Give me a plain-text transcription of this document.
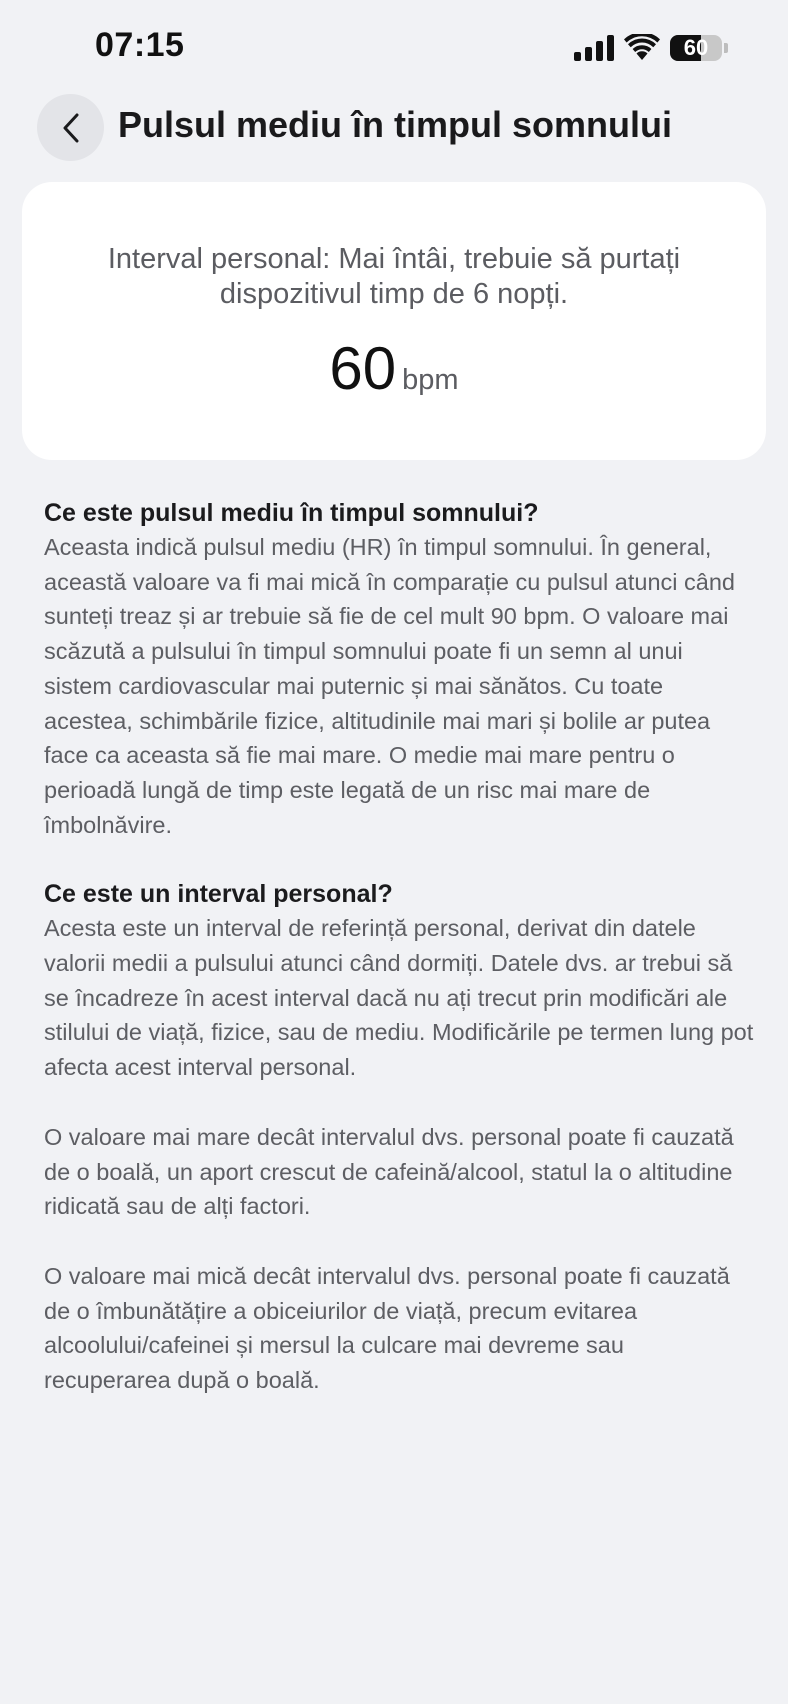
07:15	60
Pulsul mediu în timpul somnului
Interval personal: Mai întâi, trebuie să purtați dispozitivul timp de 6 nopți.
60 bpm
Ce este pulsul mediu în timpul somnului?
Aceasta indică pulsul mediu (HR) în timpul somnului. În general, această valoare va fi mai mică în comparație cu pulsul atunci când sunteți treaz și ar trebuie să fie de cel mult 90 bpm. O valoare mai scăzută a pulsului în timpul somnului poate fi un semn al unui sistem cardiovascular mai puternic și mai sănătos. Cu toate acestea, schimbările fizice, altitudinile mai mari și bolile ar putea face ca aceasta să fie mai mare. O medie mai mare pentru o perioadă lungă de timp este legată de un risc mai mare de îmbolnăvire.
Ce este un interval personal?
Acesta este un interval de referință personal, derivat din datele valorii medii a pulsului atunci când dormiți. Datele dvs. ar trebui să se încadreze în acest interval dacă nu ați trecut prin modificări ale stilului de viață, fizice, sau de mediu. Modificările pe termen lung pot afecta acest interval personal.
O valoare mai mare decât intervalul dvs. personal poate fi cauzată de o boală, un aport crescut de cafeină/alcool, statul la o altitudine ridicată sau de alți factori.
O valoare mai mică decât intervalul dvs. personal poate fi cauzată de o îmbunătățire a obiceiurilor de viață, precum evitarea alcoolului/cafeinei și mersul la culcare mai devreme sau recuperarea după o boală.
